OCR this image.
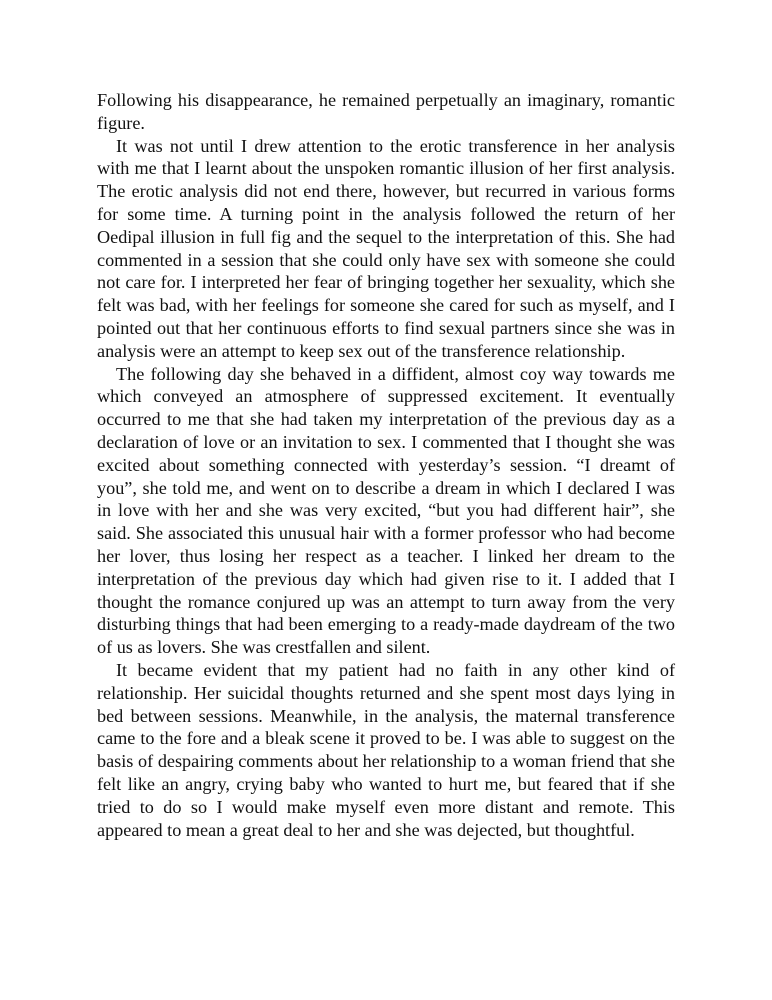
Following his disappearance, he remained perpetually an imaginary, romantic figure.

It was not until I drew attention to the erotic transference in her analysis with me that I learnt about the unspoken romantic illusion of her first analysis. The erotic analysis did not end there, however, but recurred in various forms for some time. A turning point in the analysis followed the return of her Oedipal illusion in full fig and the sequel to the interpretation of this. She had commented in a session that she could only have sex with someone she could not care for. I interpreted her fear of bringing together her sexuality, which she felt was bad, with her feelings for someone she cared for such as myself, and I pointed out that her continuous efforts to find sexual partners since she was in analysis were an attempt to keep sex out of the transference relationship.

The following day she behaved in a diffident, almost coy way towards me which conveyed an atmosphere of suppressed excitement. It eventually occurred to me that she had taken my interpretation of the previous day as a declaration of love or an invitation to sex. I commented that I thought she was excited about something connected with yesterday’s session. “I dreamt of you”, she told me, and went on to describe a dream in which I declared I was in love with her and she was very excited, “but you had different hair”, she said. She associated this unusual hair with a former professor who had become her lover, thus losing her respect as a teacher. I linked her dream to the interpretation of the previous day which had given rise to it. I added that I thought the romance conjured up was an attempt to turn away from the very disturbing things that had been emerging to a ready-made daydream of the two of us as lovers. She was crestfallen and silent.

It became evident that my patient had no faith in any other kind of relationship. Her suicidal thoughts returned and she spent most days lying in bed between sessions. Meanwhile, in the analysis, the maternal transference came to the fore and a bleak scene it proved to be. I was able to suggest on the basis of despairing comments about her relationship to a woman friend that she felt like an angry, crying baby who wanted to hurt me, but feared that if she tried to do so I would make myself even more distant and remote. This appeared to mean a great deal to her and she was dejected, but thoughtful.
